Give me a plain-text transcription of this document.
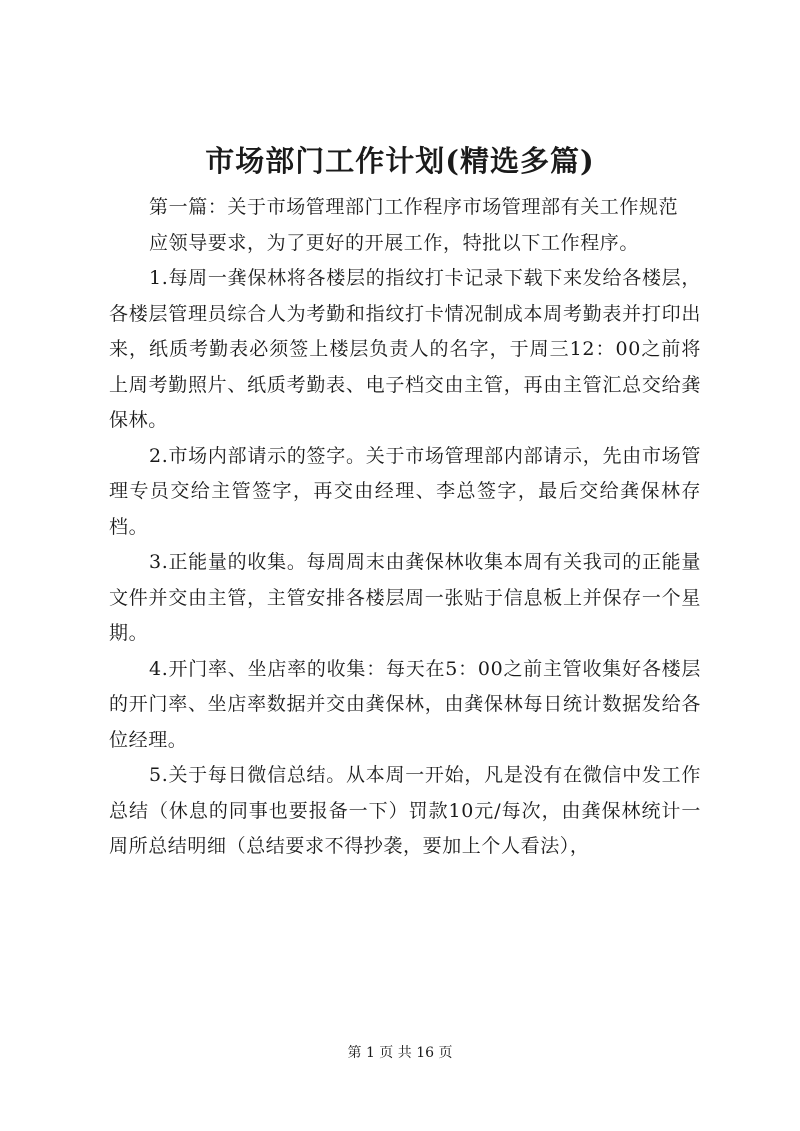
市场部门工作计划(精选多篇)

第一篇：关于市场管理部门工作程序市场管理部有关工作规范

应领导要求，为了更好的开展工作，特批以下工作程序。

1.每周一龚保林将各楼层的指纹打卡记录下载下来发给各楼层，各楼层管理员综合人为考勤和指纹打卡情况制成本周考勤表并打印出来，纸质考勤表必须签上楼层负责人的名字，于周三12：00之前将上周考勤照片、纸质考勤表、电子档交由主管，再由主管汇总交给龚保林。

2.市场内部请示的签字。关于市场管理部内部请示，先由市场管理专员交给主管签字，再交由经理、李总签字，最后交给龚保林存档。

3.正能量的收集。每周周末由龚保林收集本周有关我司的正能量文件并交由主管，主管安排各楼层周一张贴于信息板上并保存一个星期。

4.开门率、坐店率的收集：每天在5：00之前主管收集好各楼层的开门率、坐店率数据并交由龚保林，由龚保林每日统计数据发给各位经理。

5.关于每日微信总结。从本周一开始，凡是没有在微信中发工作总结（休息的同事也要报备一下）罚款10元/每次，由龚保林统计一周所总结明细（总结要求不得抄袭，要加上个人看法），

第 1 页 共 16 页
